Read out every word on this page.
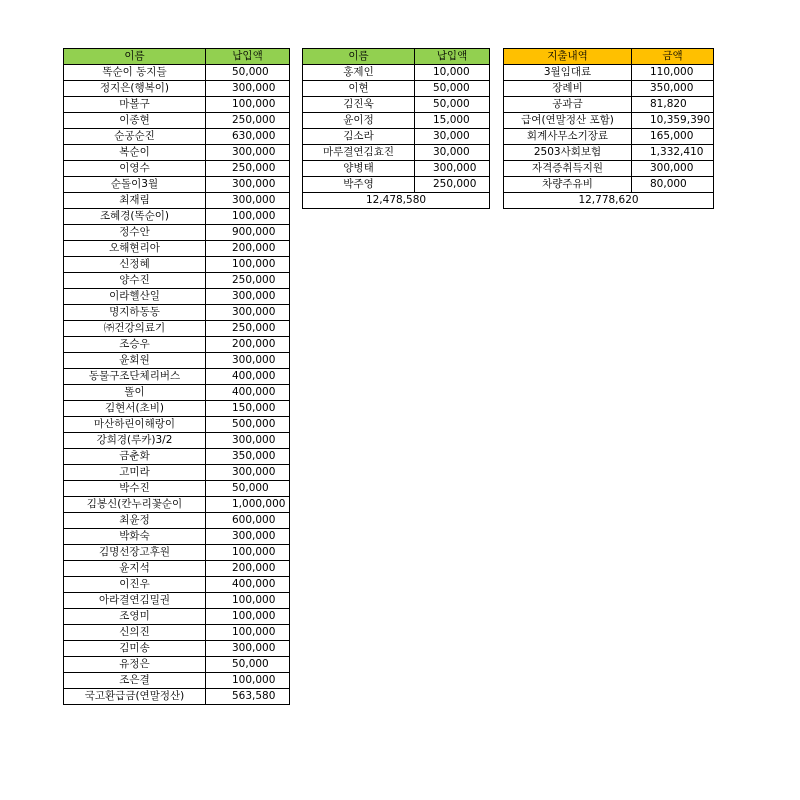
이름	납입액
똑순이 동지들	50,000
정지은(행복이)	300,000
마볼구	100,000
이종현	250,000
순공순진	630,000
복순이	300,000
이영수	250,000
순돌이3월	300,000
최재림	300,000
조혜경(똑순이)	100,000
정수안	900,000
오해현리아	200,000
신정혜	100,000
양수진	250,000
이라헬산일	300,000
명지하동동	300,000
㈜건강의료기	250,000
조승우	200,000
윤회원	300,000
동물구조단체리버스	400,000
똘이	400,000
김현서(초비)	150,000
마산하린이해랑이	500,000
강희경(루카)3/2	300,000
금춘화	350,000
고미라	300,000
박수진	50,000
김봉신(칸누리꽃순이	1,000,000
최윤정	600,000
박화숙	300,000
김명선장고후원	100,000
윤지석	200,000
이진우	400,000
아라결연김밀권	100,000
조영미	100,000
신의진	100,000
김미송	300,000
유정은	50,000
조은결	100,000
국고환급금(연말정산)	563,580
이름	납입액
홍제인	10,000
이현	50,000
김진욱	50,000
윤이정	15,000
김소라	30,000
마루결연김효진	30,000
양병태	300,000
박주영	250,000
12,478,580	
지출내역	금액
3월임대료	110,000
장례비	350,000
공과금	81,820
급여(연말정산 포함)	10,359,390
회계사무소기장료	165,000
2503사회보험	1,332,410
자격증취득지원	300,000
차량주유비	80,000
12,778,620	
